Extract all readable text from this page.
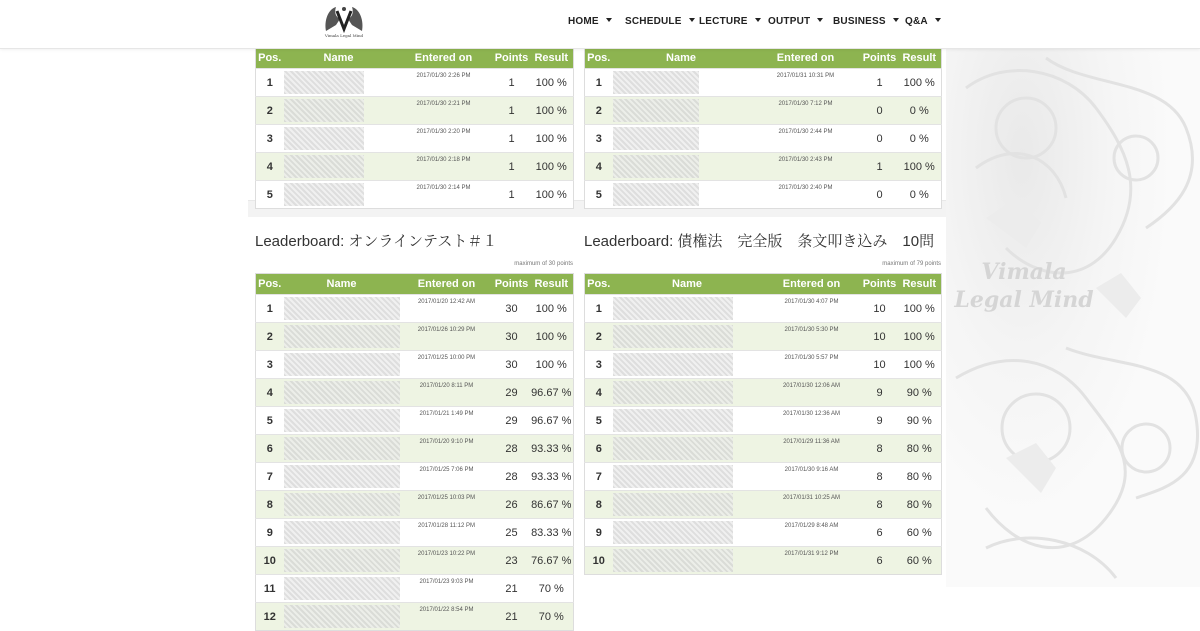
Vimala
Legal Mind
Vimala Legal Mind
HOME	SCHEDULE	LECTURE	OUTPUT	BUSINESS	Q&A
Pos.	Name	Entered on	Points	Result
1		2017/01/30 2:26 PM	1	100 %
2		2017/01/30 2:21 PM	1	100 %
3		2017/01/30 2:20 PM	1	100 %
4		2017/01/30 2:18 PM	1	100 %
5		2017/01/30 2:14 PM	1	100 %
Pos.	Name	Entered on	Points	Result
1		2017/01/31 10:31 PM	1	100 %
2		2017/01/30 7:12 PM	0	0 %
3		2017/01/30 2:44 PM	0	0 %
4		2017/01/30 2:43 PM	1	100 %
5		2017/01/30 2:40 PM	0	0 %
Leaderboard: オンラインテスト＃１
maximum of 30 points
Pos.	Name	Entered on	Points	Result
1		2017/01/20 12:42 AM	30	100 %
2		2017/01/26 10:29 PM	30	100 %
3		2017/01/25 10:00 PM	30	100 %
4		2017/01/20 8:11 PM	29	96.67 %
5		2017/01/21 1:49 PM	29	96.67 %
6		2017/01/20 9:10 PM	28	93.33 %
7		2017/01/25 7:06 PM	28	93.33 %
8		2017/01/25 10:03 PM	26	86.67 %
9		2017/01/28 11:12 PM	25	83.33 %
10		2017/01/23 10:22 PM	23	76.67 %
11		2017/01/23 9:03 PM	21	70 %
12		2017/01/22 8:54 PM	21	70 %
Leaderboard: 債権法　完全版　条文叩き込み　10問
maximum of 79 points
Pos.	Name	Entered on	Points	Result
1		2017/01/30 4:07 PM	10	100 %
2		2017/01/30 5:30 PM	10	100 %
3		2017/01/30 5:57 PM	10	100 %
4		2017/01/30 12:06 AM	9	90 %
5		2017/01/30 12:36 AM	9	90 %
6		2017/01/29 11:36 AM	8	80 %
7		2017/01/30 9:16 AM	8	80 %
8		2017/01/31 10:25 AM	8	80 %
9		2017/01/29 8:48 AM	6	60 %
10		2017/01/31 9:12 PM	6	60 %
